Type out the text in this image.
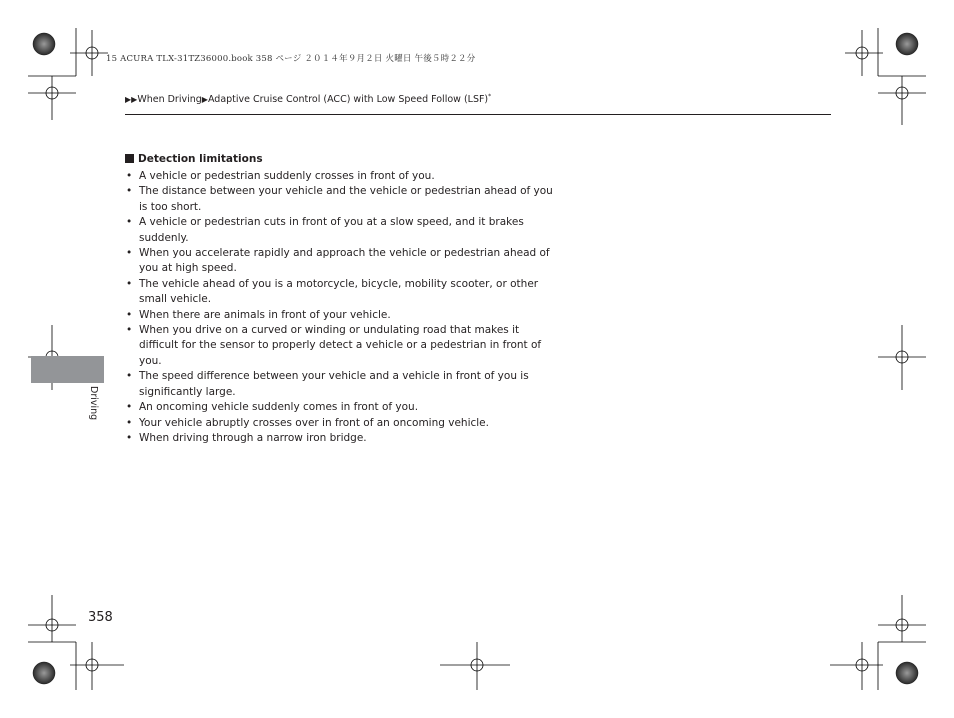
15 ACURA TLX-31TZ36000.book 358 ページ ２０１４年９月２日 火曜日 午後５時２２分
▶▶When Driving▶Adaptive Cruise Control (ACC) with Low Speed Follow (LSF)*
Detection limitations
• A vehicle or pedestrian suddenly crosses in front of you.
• The distance between your vehicle and the vehicle or pedestrian ahead of you is too short.
• A vehicle or pedestrian cuts in front of you at a slow speed, and it brakes suddenly.
• When you accelerate rapidly and approach the vehicle or pedestrian ahead of you at high speed.
• The vehicle ahead of you is a motorcycle, bicycle, mobility scooter, or other small vehicle.
• When there are animals in front of your vehicle.
• When you drive on a curved or winding or undulating road that makes it difficult for the sensor to properly detect a vehicle or a pedestrian in front of you.
• The speed difference between your vehicle and a vehicle in front of you is significantly large.
• An oncoming vehicle suddenly comes in front of you.
• Your vehicle abruptly crosses over in front of an oncoming vehicle.
• When driving through a narrow iron bridge.
Driving
358
